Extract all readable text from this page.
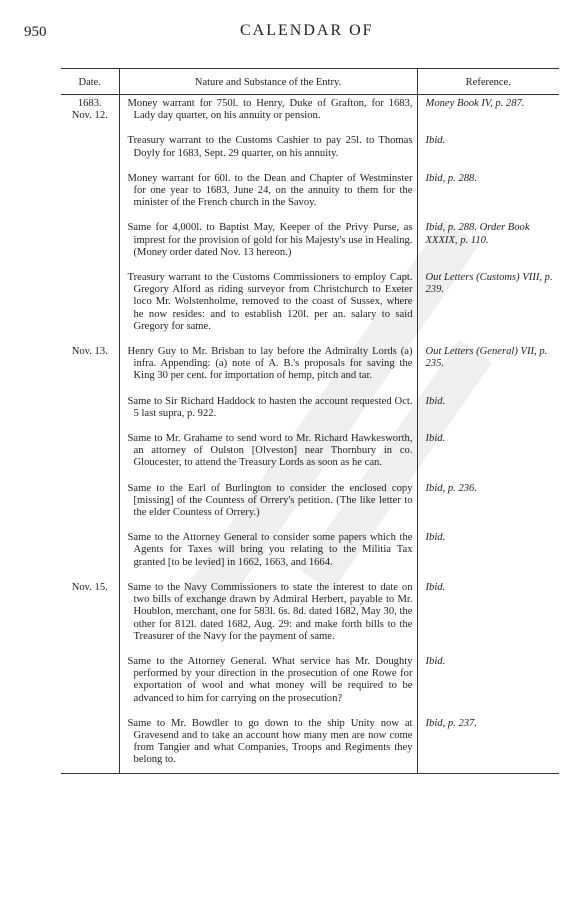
950	CALENDAR OF
Date.	Nature and Substance of the Entry.	Reference.

1683.
Nov. 12.	Money warrant for 750l. to Henry, Duke of Grafton, for 1683, Lady day quarter, on his annuity or pension.	Money Book IV, p. 287.

	Treasury warrant to the Customs Cashier to pay 25l. to Thomas Doyly for 1683, Sept. 29 quarter, on his annuity.	Ibid.

	Money warrant for 60l. to the Dean and Chapter of Westminster for one year to 1683, June 24, on the annuity to them for the minister of the French church in the Savoy.	Ibid, p. 288.

	Same for 4,000l. to Baptist May, Keeper of the Privy Purse, as imprest for the provision of gold for his Majesty's use in Healing. (Money order dated Nov. 13 hereon.)	Ibid, p. 288. Order Book XXXIX, p. 110.

	Treasury warrant to the Customs Commissioners to employ Capt. Gregory Alford as riding surveyor from Christchurch to Exeter loco Mr. Wolstenholme, removed to the coast of Sussex, where he now resides: and to establish 120l. per an. salary to said Gregory for same.	Out Letters (Customs) VIII, p. 239.

Nov. 13.	Henry Guy to Mr. Brisban to lay before the Admiralty Lords (a) infra. Appending: (a) note of A. B.'s proposals for saving the King 30 per cent. for importation of hemp, pitch and tar.	Out Letters (General) VII, p. 235.

	Same to Sir Richard Haddock to hasten the account requested Oct. 5 last supra, p. 922.	Ibid.

	Same to Mr. Grahame to send word to Mr. Richard Hawkesworth, an attorney of Oulston [Olveston] near Thornbury in co. Gloucester, to attend the Treasury Lords as soon as he can.	Ibid.

	Same to the Earl of Burlington to consider the enclosed copy [missing] of the Countess of Orrery's petition. (The like letter to the elder Countess of Orrery.)	Ibid, p. 236.

	Same to the Attorney General to consider some papers which the Agents for Taxes will bring you relating to the Militia Tax granted [to be levied] in 1662, 1663, and 1664.	Ibid.

Nov. 15.	Same to the Navy Commissioners to state the interest to date on two bills of exchange drawn by Admiral Herbert, payable to Mr. Houblon, merchant, one for 583l. 6s. 8d. dated 1682, May 30, the other for 812l. dated 1682, Aug. 29: and make forth bills to the Treasurer of the Navy for the payment of same.	Ibid.

	Same to the Attorney General. What service has Mr. Doughty performed by your direction in the prosecution of one Rowe for exportation of wool and what money will be required to be advanced to him for carrying on the prosecution?	Ibid.

	Same to Mr. Bowdler to go down to the ship Unity now at Gravesend and to take an account how many men are now come from Tangier and what Companies, Troops and Regiments they belong to.	Ibid, p. 237.
